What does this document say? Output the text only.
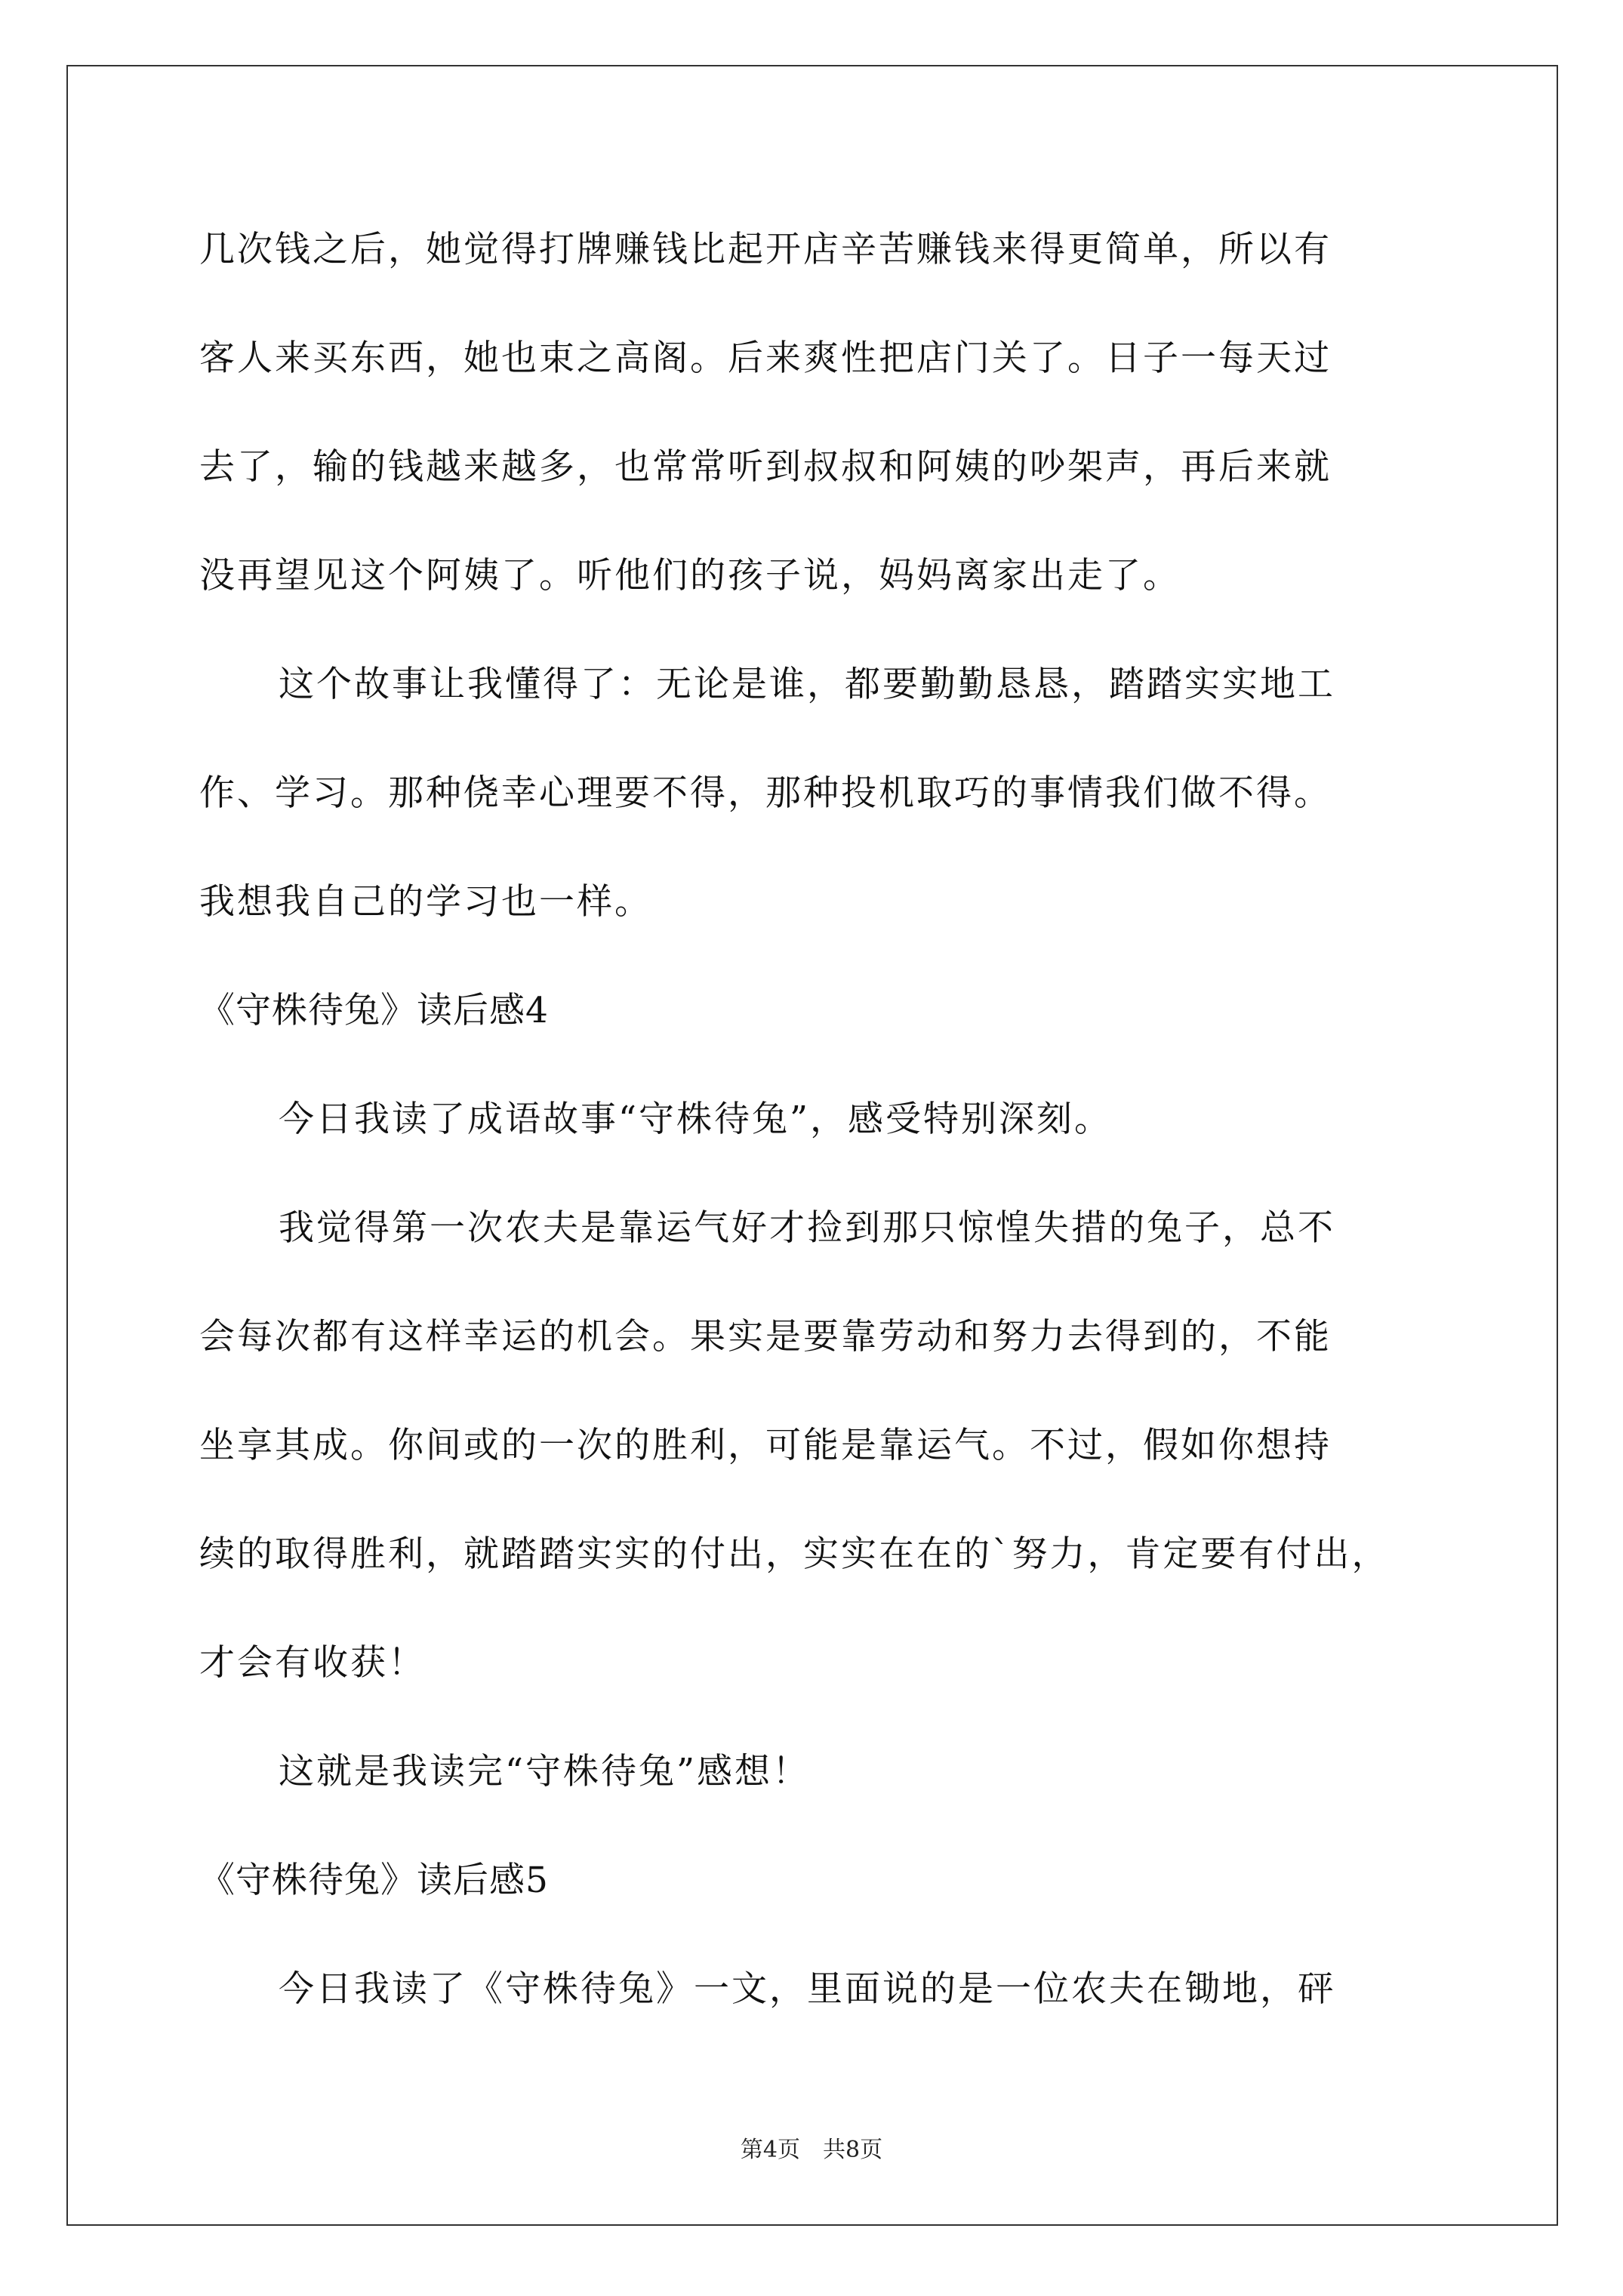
几次钱之后，她觉得打牌赚钱比起开店辛苦赚钱来得更简单，所以有
客人来买东西，她也束之高阁。后来爽性把店门关了。日子一每天过
去了，输的钱越来越多，也常常听到叔叔和阿姨的吵架声，再后来就
没再望见这个阿姨了。听他们的孩子说，妈妈离家出走了。
这个故事让我懂得了：无论是谁，都要勤勤恳恳，踏踏实实地工
作、学习。那种侥幸心理要不得，那种投机取巧的事情我们做不得。
我想我自己的学习也一样。
《守株待兔》读后感4
今日我读了成语故事“守株待兔”，感受特别深刻。
我觉得第一次农夫是靠运气好才捡到那只惊惶失措的兔子，总不
会每次都有这样幸运的机会。果实是要靠劳动和努力去得到的，不能
坐享其成。你间或的一次的胜利，可能是靠运气。不过，假如你想持
续的取得胜利，就踏踏实实的付出，实实在在的`努力，肯定要有付出，
才会有收获！
这就是我读完“守株待兔”感想！
《守株待兔》读后感5
今日我读了《守株待兔》一文，里面说的是一位农夫在锄地，砰
第4页　共8页
